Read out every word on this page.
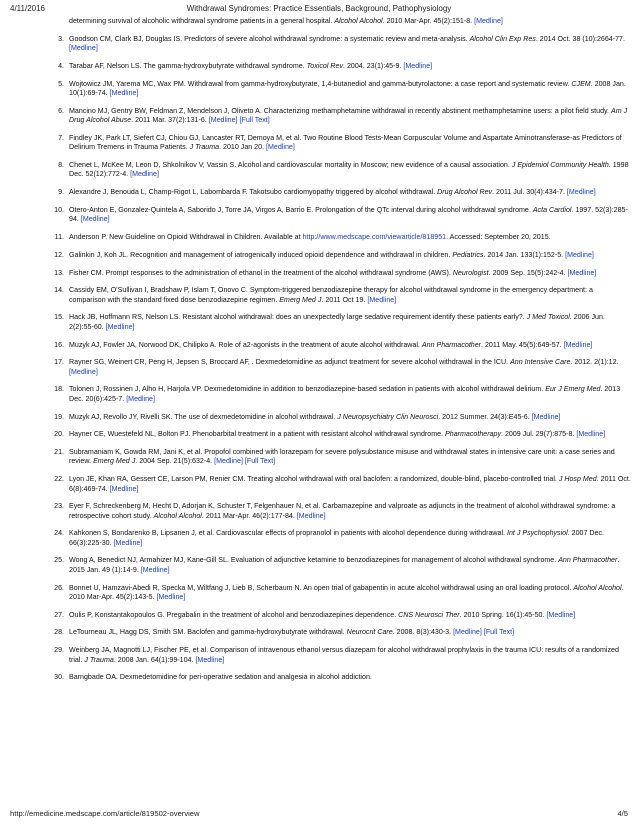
4/11/2016	Withdrawal Syndromes: Practice Essentials, Background, Pathophysiology
determining survival of alcoholic withdrawal syndrome patients in a general hospital. Alcohol Alcohol. 2010 Mar-Apr. 45(2):151-8. [Medline]
3. Goodson CM, Clark BJ, Douglas IS. Predictors of severe alcohol withdrawal syndrome: a systematic review and meta-analysis. Alcohol Clin Exp Res. 2014 Oct. 38 (10):2664-77. [Medline]
4. Tarabar AF, Nelson LS. The gamma-hydroxybutyrate withdrawal syndrome. Toxicol Rev. 2004. 23(1):45-9. [Medline]
5. Wojtowicz JM, Yarema MC, Wax PM. Withdrawal from gamma-hydroxybutyrate, 1,4-butanediol and gamma-butyrolactone: a case report and systematic review. CJEM. 2008 Jan. 10(1):69-74. [Medline]
6. Mancino MJ, Gentry BW, Feldman Z, Mendelson J, Oliveto A. Characterizing methamphetamine withdrawal in recently abstinent methamphetamine users: a pilot field study. Am J Drug Alcohol Abuse. 2011 Mar. 37(2):131-6. [Medline] [Full Text]
7. Findley JK, Park LT, Siefert CJ, Chiou GJ, Lancaster RT, Demoya M, et al. Two Routine Blood Tests-Mean Corpuscular Volume and Aspartate Aminotransferase-as Predictors of Delirium Tremens in Trauma Patients. J Trauma. 2010 Jan 20. [Medline]
8. Chenet L, McKee M, Leon D, Shkolnikov V, Vassin S. Alcohol and cardiovascular mortality in Moscow; new evidence of a causal association. J Epidemiol Community Health. 1998 Dec. 52(12):772-4. [Medline]
9. Alexandre J, Benouda L, Champ-Rigot L, Labombarda F. Takotsubo cardiomyopathy triggered by alcohol withdrawal. Drug Alcohol Rev. 2011 Jul. 30(4):434-7. [Medline]
10. Otero-Anton E, Gonzalez-Quintela A, Saborido J, Torre JA, Virgos A, Barrio E. Prolongation of the QTc interval during alcohol withdrawal syndrome. Acta Cardiol. 1997. 52(3):285-94. [Medline]
11. Anderson P. New Guideline on Opioid Withdrawal in Children. Available at http://www.medscape.com/viewarticle/818951. Accessed: September 20, 2015.
12. Galinkin J, Koh JL. Recognition and management of iatrogenically induced opioid dependence and withdrawal in children. Pediatrics. 2014 Jan. 133(1):152-5. [Medline]
13. Fisher CM. Prompt responses to the administration of ethanol in the treatment of the alcohol withdrawal syndrome (AWS). Neurologist. 2009 Sep. 15(5):242-4. [Medline]
14. Cassidy EM, O'Sullivan I, Bradshaw P, Islam T, Onovo C. Symptom-triggered benzodiazepine therapy for alcohol withdrawal syndrome in the emergency department: a comparison with the standard fixed dose benzodiazepine regimen. Emerg Med J. 2011 Oct 19. [Medline]
15. Hack JB, Hoffmann RS, Nelson LS. Resistant alcohol withdrawal: does an unexpectedly large sedative requirement identify these patients early?. J Med Toxicol. 2006 Jun. 2(2):55-60. [Medline]
16. Muzyk AJ, Fowler JA, Norwood DK, Chilipko A. Role of a2-agonists in the treatment of acute alcohol withdrawal. Ann Pharmacother. 2011 May. 45(5):649-57. [Medline]
17. Rayner SG, Weinert CR, Peng H, Jepsen S, Broccard AF, . Dexmedetomidine as adjunct treatment for severe alcohol withdrawal in the ICU. Ann Intensive Care. 2012. 2(1):12. [Medline]
18. Tolonen J, Rossinen J, Alho H, Harjola VP. Dexmedetomidine in addition to benzodiazepine-based sedation in patients with alcohol withdrawal delirium. Eur J Emerg Med. 2013 Dec. 20(6):425-7. [Medline]
19. Muzyk AJ, Revollo JY, Rivelli SK. The use of dexmedetomidine in alcohol withdrawal. J Neuropsychiatry Clin Neurosci. 2012 Summer. 24(3):E45-6. [Medline]
20. Hayner CE, Wuestefeld NL, Bolton PJ. Phenobarbital treatment in a patient with resistant alcohol withdrawal syndrome. Pharmacotherapy. 2009 Jul. 29(7):875-8. [Medline]
21. Subramaniam K, Gowda RM, Jani K, et al. Propofol combined with lorazepam for severe polysubstance misuse and withdrawal states in intensive care unit: a case series and review. Emerg Med J. 2004 Sep. 21(5):632-4. [Medline] [Full Text]
22. Lyon JE, Khan RA, Gessert CE, Larson PM, Renier CM. Treating alcohol withdrawal with oral baclofen: a randomized, double-blind, placebo-controlled trial. J Hosp Med. 2011 Oct. 6(8):469-74. [Medline]
23. Eyer F, Schreckenberg M, Hecht D, Adorjan K, Schuster T, Felgenhauer N, et al. Carbamazepine and valproate as adjuncts in the treatment of alcohol withdrawal syndrome: a retrospective cohort study. Alcohol Alcohol. 2011 Mar-Apr. 46(2):177-84. [Medline]
24. Kahkonen S, Bondarenko B, Lipsanen J, et al. Cardiovascular effects of propranolol in patients with alcohol dependence during withdrawal. Int J Psychophysiol. 2007 Dec. 66(3):225-30. [Medline]
25. Wong A, Benedict NJ, Armahizer MJ, Kane-Gill SL. Evaluation of adjunctive ketamine to benzodiazepines for management of alcohol withdrawal syndrome. Ann Pharmacother. 2015 Jan. 49 (1):14-9. [Medline]
26. Bonnet U, Hamzavi-Abedi R, Specka M, Wiltfang J, Lieb B, Scherbaum N. An open trial of gabapentin in acute alcohol withdrawal using an oral loading protocol. Alcohol Alcohol. 2010 Mar-Apr. 45(2):143-5. [Medline]
27. Oulis P, Konstantakopoulos G. Pregabalin in the treatment of alcohol and benzodiazepines dependence. CNS Neurosci Ther. 2010 Spring. 16(1):45-50. [Medline]
28. LeTourneau JL, Hagg DS, Smith SM. Baclofen and gamma-hydroxybutyrate withdrawal. Neurocrit Care. 2008. 8(3):430-3. [Medline] [Full Text]
29. Weinberg JA, Magnotti LJ, Fischer PE, et al. Comparison of intravenous ethanol versus diazepam for alcohol withdrawal prophylaxis in the trauma ICU: results of a randomized trial. J Trauma. 2008 Jan. 64(1):99-104. [Medline]
30. Barngbade OA. Dexmedetomidine for peri-operative sedation and analgesia in alcohol addiction.
http://emedicine.medscape.com/article/819502-overview	4/5
